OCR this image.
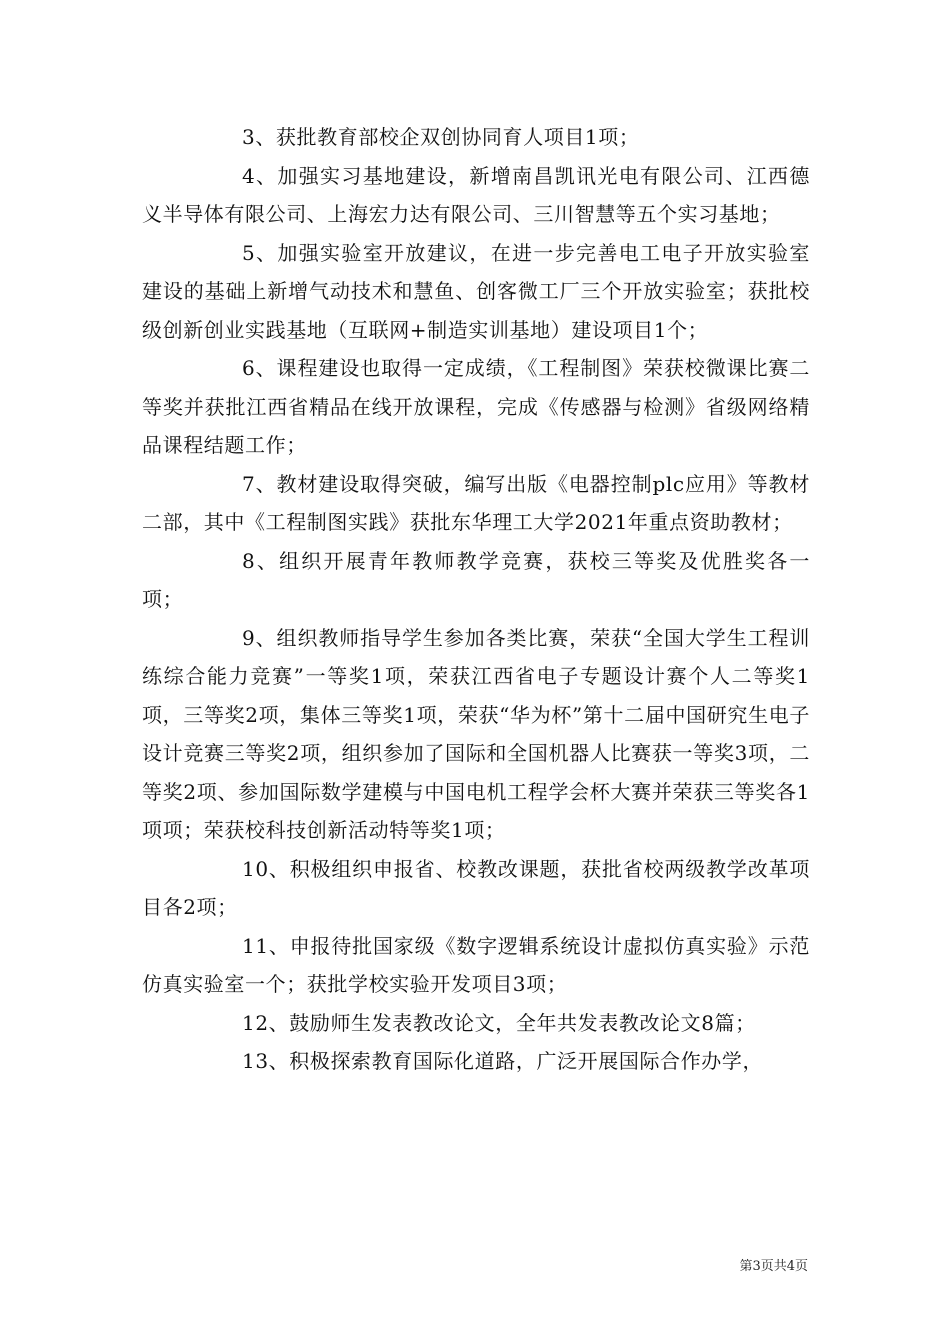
3、获批教育部校企双创协同育人项目1项；

4、加强实习基地建设，新增南昌凯讯光电有限公司、江西德义半导体有限公司、上海宏力达有限公司、三川智慧等五个实习基地；

5、加强实验室开放建议，在进一步完善电工电子开放实验室建设的基础上新增气动技术和慧鱼、创客微工厂三个开放实验室；获批校级创新创业实践基地（互联网+制造实训基地）建设项目1个；

6、课程建设也取得一定成绩，《工程制图》荣获校微课比赛二等奖并获批江西省精品在线开放课程，完成《传感器与检测》省级网络精品课程结题工作；

7、教材建设取得突破，编写出版《电器控制plc应用》等教材二部，其中《工程制图实践》获批东华理工大学2021年重点资助教材；

8、组织开展青年教师教学竞赛，获校三等奖及优胜奖各一项；

9、组织教师指导学生参加各类比赛，荣获“全国大学生工程训练综合能力竞赛”一等奖1项，荣获江西省电子专题设计赛个人二等奖1项，三等奖2项，集体三等奖1项，荣获“华为杯”第十二届中国研究生电子设计竞赛三等奖2项，组织参加了国际和全国机器人比赛获一等奖3项，二等奖2项、参加国际数学建模与中国电机工程学会杯大赛并荣获三等奖各1项项；荣获校科技创新活动特等奖1项；

10、积极组织申报省、校教改课题，获批省校两级教学改革项目各2项；

11、申报待批国家级《数字逻辑系统设计虚拟仿真实验》示范仿真实验室一个；获批学校实验开发项目3项；

12、鼓励师生发表教改论文，全年共发表教改论文8篇；

13、积极探索教育国际化道路，广泛开展国际合作办学，

第3页共4页
